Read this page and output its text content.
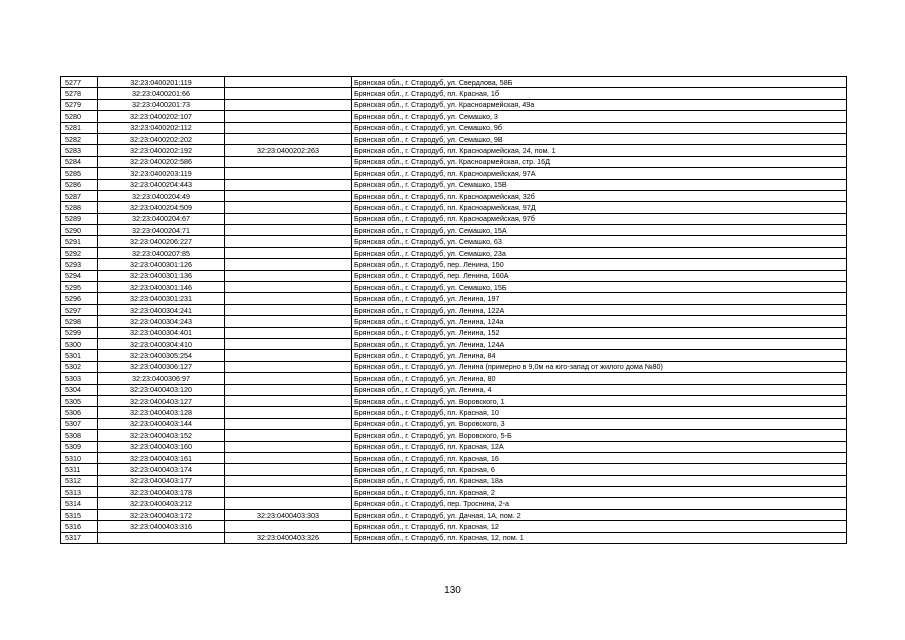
5277	32:23:0400201:119		Брянская обл., г. Стародуб, ул. Свердлова, 58Б
5278	32:23:0400201:66		Брянская обл., г. Стародуб, пл. Красная, 1б
5279	32:23:0400201:73		Брянская обл., г. Стародуб, ул. Красноармейская, 49а
5280	32:23:0400202:107		Брянская обл., г. Стародуб, ул. Семашко, 3
5281	32:23:0400202:112		Брянская обл., г. Стародуб, ул. Семашко, 9б
5282	32:23:0400202:202		Брянская обл., г. Стародуб, ул. Семашко, 9В
5283	32:23:0400202:192	32:23:0400202:263	Брянская обл., г. Стародуб, пл. Красноармейская, 24, пом. 1
5284	32:23:0400202:586		Брянская обл., г. Стародуб, ул. Красноармейская, стр. 16Д
5285	32:23:0400203:119		Брянская обл., г. Стародуб, пл. Красноармейская, 97А
5286	32:23:0400204:443		Брянская обл., г. Стародуб, ул. Семашко, 15В
5287	32:23:0400204:49		Брянская обл., г. Стародуб, пл. Красноармейская, 32б
5288	32:23:0400204:509		Брянская обл., г. Стародуб, пл. Красноармейская, 97Д
5289	32:23:0400204:67		Брянская обл., г. Стародуб, пл. Красноармейская, 97б
5290	32:23:0400204:71		Брянская обл., г. Стародуб, ул. Семашко, 15А
5291	32:23:0400206:227		Брянская обл., г. Стародуб, ул. Семашко, 63
5292	32:23:0400207:85		Брянская обл., г. Стародуб, ул. Семашко, 23а
5293	32:23:0400301:126		Брянская обл., г. Стародуб, пер. Ленина, 150
5294	32:23:0400301:136		Брянская обл., г. Стародуб, пер. Ленина, 160А
5295	32:23:0400301:146		Брянская обл., г. Стародуб, ул. Семашко, 15Б
5296	32:23:0400301:231		Брянская обл., г. Стародуб, ул. Ленина, 197
5297	32:23:0400304:241		Брянская обл., г. Стародуб, ул. Ленина, 122А
5298	32:23:0400304:243		Брянская обл., г. Стародуб, ул. Ленина, 124а
5299	32:23:0400304:401		Брянская обл., г. Стародуб, ул. Ленина, 152
5300	32:23:0400304:410		Брянская обл., г. Стародуб, ул. Ленина, 124А
5301	32:23:0400305:254		Брянская обл., г. Стародуб, ул. Ленина, 84
5302	32:23:0400306:127		Брянская обл., г. Стародуб, ул. Ленина (примерно в 9,0м на юго-запад от жилого дома №80)
5303	32:23:0400306:97		Брянская обл., г. Стародуб, ул. Ленина, 80
5304	32:23:0400403:120		Брянская обл., г. Стародуб, ул. Ленина, 4
5305	32:23:0400403:127		Брянская обл., г. Стародуб, ул. Воровского, 1
5306	32:23:0400403:128		Брянская обл., г. Стародуб, пл. Красная, 10
5307	32:23:0400403:144		Брянская обл., г. Стародуб, ул. Воровского, 3
5308	32:23:0400403:152		Брянская обл., г. Стародуб, ул. Воровского, 5-Б
5309	32:23:0400403:160		Брянская обл., г. Стародуб, пл. Красная, 12А
5310	32:23:0400403:161		Брянская обл., г. Стародуб, пл. Красная, 16
5311	32:23:0400403:174		Брянская обл., г. Стародуб, пл. Красная, 6
5312	32:23:0400403:177		Брянская обл., г. Стародуб, пл. Красная, 18а
5313	32:23:0400403:178		Брянская обл., г. Стародуб, пл. Красная, 2
5314	32:23:0400403:212		Брянская обл., г. Стародуб, пер. Троснина, 2-а
5315	32:23:0400403:172	32:23:0400403:303	Брянская обл., г. Стародуб, ул. Дачная, 1А, пом. 2
5316	32:23:0400403:316		Брянская обл., г. Стародуб, пл. Красная, 12
5317		32:23:0400403:326	Брянская обл., г. Стародуб, пл. Красная, 12, пом. 1
130
